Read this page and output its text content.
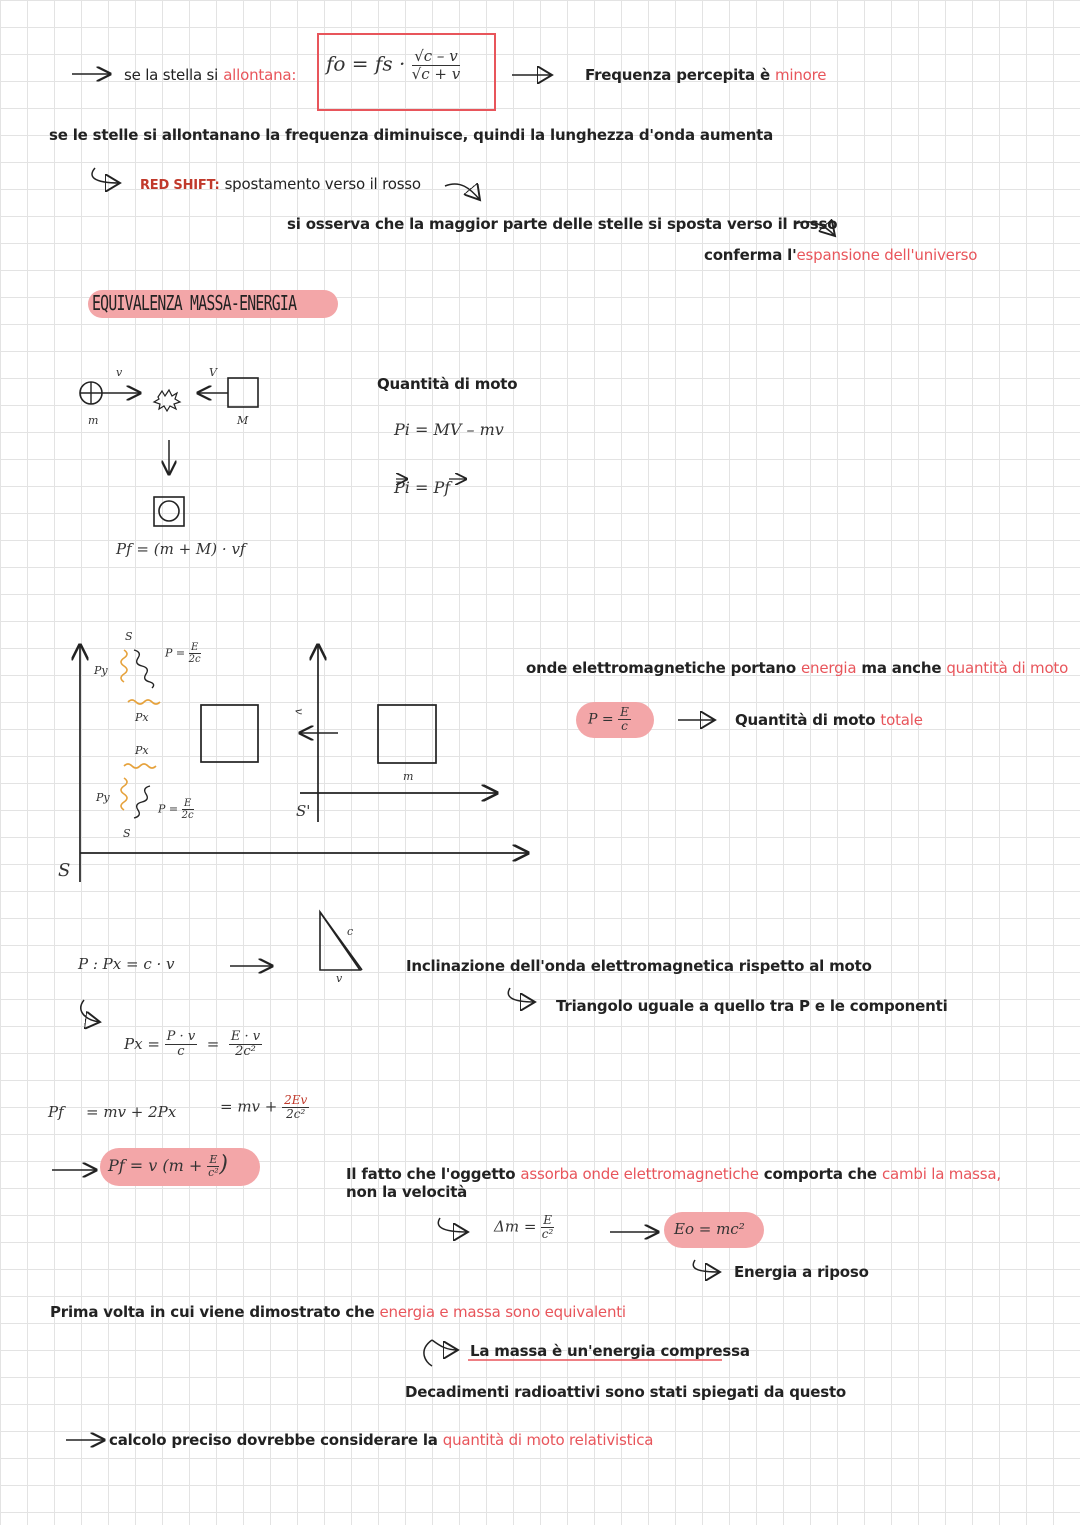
se la stella si allontana: fo = fs · $\frac{√c - v}{√c + v}$	Frequenza percepita è minore
se le stelle si allontanano la frequenza diminuisce, quindi la lunghezza d'onda aumenta
RED SHIFT: spostamento verso il rosso
si osserva che la maggior parte delle stelle si sposta verso il rosso
conferma l'espansione dell'universo
EQUIVALENZA MASSA-ENERGIA
v	V
m	M
Pf = (m + M) · vf
Quantità di moto
Pi = MV – mv
Pi = Pf
S
S'
S
S
Py
Py
Px
Px
$P = \frac{E}{2c}$
$P = \frac{E}{2c}$
v
m
onde elettromagnetiche portano energia ma anche quantità di moto
$P = \frac{E}{c}$	Quantità di moto totale
c
v
Inclinazione dell'onda elettromagnetica rispetto al moto
Triangolo uguale a quello tra P e le componenti
P : Px = c · v
$Px = \frac{P \cdot v}{c} = \frac{E \cdot v}{\text{2c²}}$
Pf = mv + 2Px	= mv + $\frac{2Ev}{\text{2c²}}$
Pf = v ($m + \frac{E}{\text{c²}}$ )	Il fatto che l'oggetto assorba onde elettromagnetiche comporta che cambi la massa,
non la velocità
$\Delta m = \frac{E}{\text{c²}}$	Eo = mc²
Energia a riposo
Prima volta in cui viene dimostrato che energia e massa sono equivalenti
La massa è un'energia compressa
Decadimenti radioattivi sono stati spiegati da questo
calcolo preciso dovrebbe considerare la quantità di moto relativistica
